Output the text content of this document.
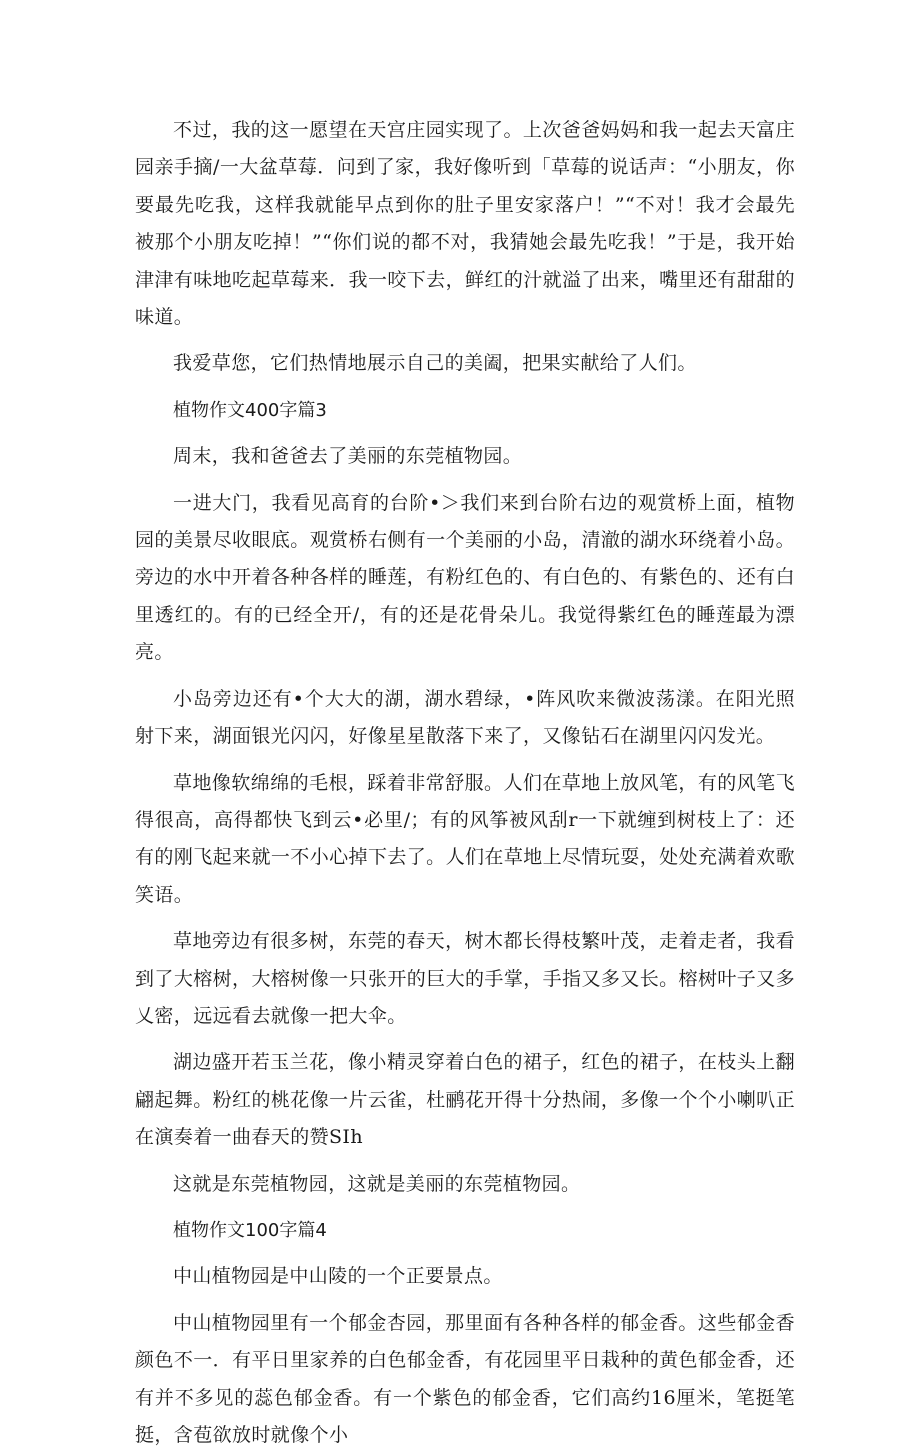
不过，我的这一愿望在天宫庄园实现了。上次爸爸妈妈和我一起去天富庄园亲手摘/一大盆草莓．问到了家，我好像听到「草莓的说话声：“小朋友，你要最先吃我，这样我就能早点到你的肚子里安家落户！”“不对！我才会最先被那个小朋友吃掉！”“你们说的都不对，我猜她会最先吃我！”于是，我开始津津有味地吃起草莓来．我一咬下去，鲜红的汁就溢了出来，嘴里还有甜甜的味道。

我爱草您，它们热情地展示自己的美阖，把果实献给了人们。

植物作文400字篇3

周末，我和爸爸去了美丽的东莞植物园。

一进大门，我看见高育的台阶•＞我们来到台阶右边的观赏桥上面，植物园的美景尽收眼底。观赏桥右侧有一个美丽的小岛，清澈的湖水环绕着小岛。旁边的水中开着各种各样的睡莲，有粉红色的、有白色的、有紫色的、还有白里透红的。有的已经全开/，有的还是花骨朵儿。我觉得紫红色的睡莲最为漂亮。

小岛旁边还有•个大大的湖，湖水碧绿，•阵风吹来微波荡漾。在阳光照射下来，湖面银光闪闪，好像星星散落下来了，又像钻石在湖里闪闪发光。

草地像软绵绵的毛根，踩着非常舒服。人们在草地上放风笔，有的风笔飞得很高，高得都快飞到云•必里/；有的风筝被风刮r一下就缠到树枝上了：还有的刚飞起来就一不小心掉下去了。人们在草地上尽情玩耍，处处充满着欢歌笑语。

草地旁边有很多树，东莞的春天，树木都长得枝繁叶茂，走着走者，我看到了大榕树，大榕树像一只张开的巨大的手掌，手指又多又长。榕树叶子又多乂密，远远看去就像一把大伞。

湖边盛开若玉兰花，像小精灵穿着白色的裙子，红色的裙子，在枝头上翻翩起舞。粉红的桃花像一片云雀，杜鹂花开得十分热闹，多像一个个小喇叭正在演奏着一曲春天的赞SIh

这就是东莞植物园，这就是美丽的东莞植物园。

植物作文100字篇4

中山植物园是中山陵的一个正要景点。

中山植物园里有一个郁金杏园，那里面有各种各样的郁金香。这些郁金香颜色不一．有平日里家养的白色郁金香，有花园里平日栽种的黄色郁金香，还有并不多见的蕊色郁金香。有一个紫色的郁金香，它们高约16厘米，笔挺笔挺，含苞欲放时就像个小
